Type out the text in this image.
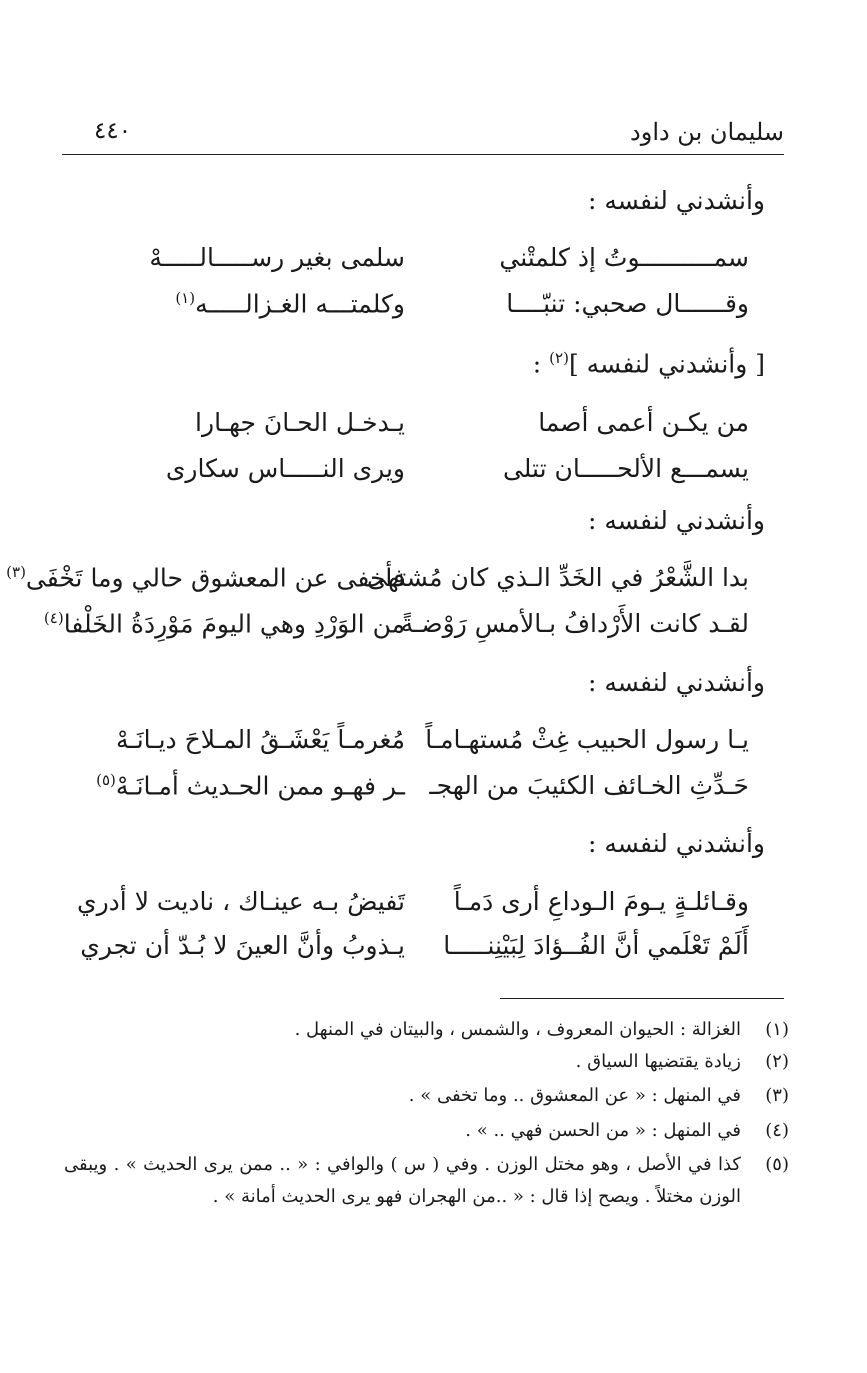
سليمان بن داود
٤٤٠
وأنشدني لنفسه :
سمــــــــــوتُ إذ كلمتْني
سلمى بغير رســـــالـــــهْ
وقــــــال صحبي: تنبّــــا
وكلمتـــه الغـزالـــــه$^{(١)}$
[ وأنشدني لنفسه ]$^{(٢)}$ :
من يكـن أعمى أصما
يـدخـل الحـانَ جهـارا
يسمـــع الألحـــــان تتلى
ويرى النـــــاس سكارى
وأنشدني لنفسه :
بدا الشَّعْرُ في الخَدِّ الـذي كان مُشتهى
فأخفى عن المعشوق حالي وما تَخْفَى$^{(٣)}$
لقـد كانت الأَرْدافُ بـالأمسِ رَوْضـةً
من الوَرْدِ وهي اليومَ مَوْرِدَةُ الخَلْفا$^{(٤)}$
وأنشدني لنفسه :
يـا رسول الحبيب غِثْ مُستهـامـاً
مُغرمـاً يَعْشَـقُ المـلاحَ ديـانَـهْ
حَـدِّثِ الخـائف الكئيبَ من الهجـ
ـر فهـو ممن الحـديث أمـانَـهْ$^{(٥)}$
وأنشدني لنفسه :
وقـائلـةٍ يـومَ الـوداعِ أرى دَمـاً
تَفيضُ بـه عينـاك ، ناديت لا أدري
أَلَمْ تَعْلَمي أنَّ الفُــؤادَ لِبَيْنِنـــــا
يـذوبُ وأنَّ العينَ لا بُـدّ أن تجري
(١)
الغزالة : الحيوان المعروف ، والشمس ، والبيتان في المنهل .
(٢)
زيادة يقتضيها السياق .
(٣)
في المنهل : « عن المعشوق .. وما تخفى » .
(٤)
في المنهل : « من الحسن فهي .. » .
(٥)
كذا في الأصل ، وهو مختل الوزن . وفي ( س ) والوافي : « .. ممن يرى الحديث » . ويبقى الوزن مختلاً . ويصح إذا قال : « ..من الهجران فهو يرى الحديث أمانة » .
